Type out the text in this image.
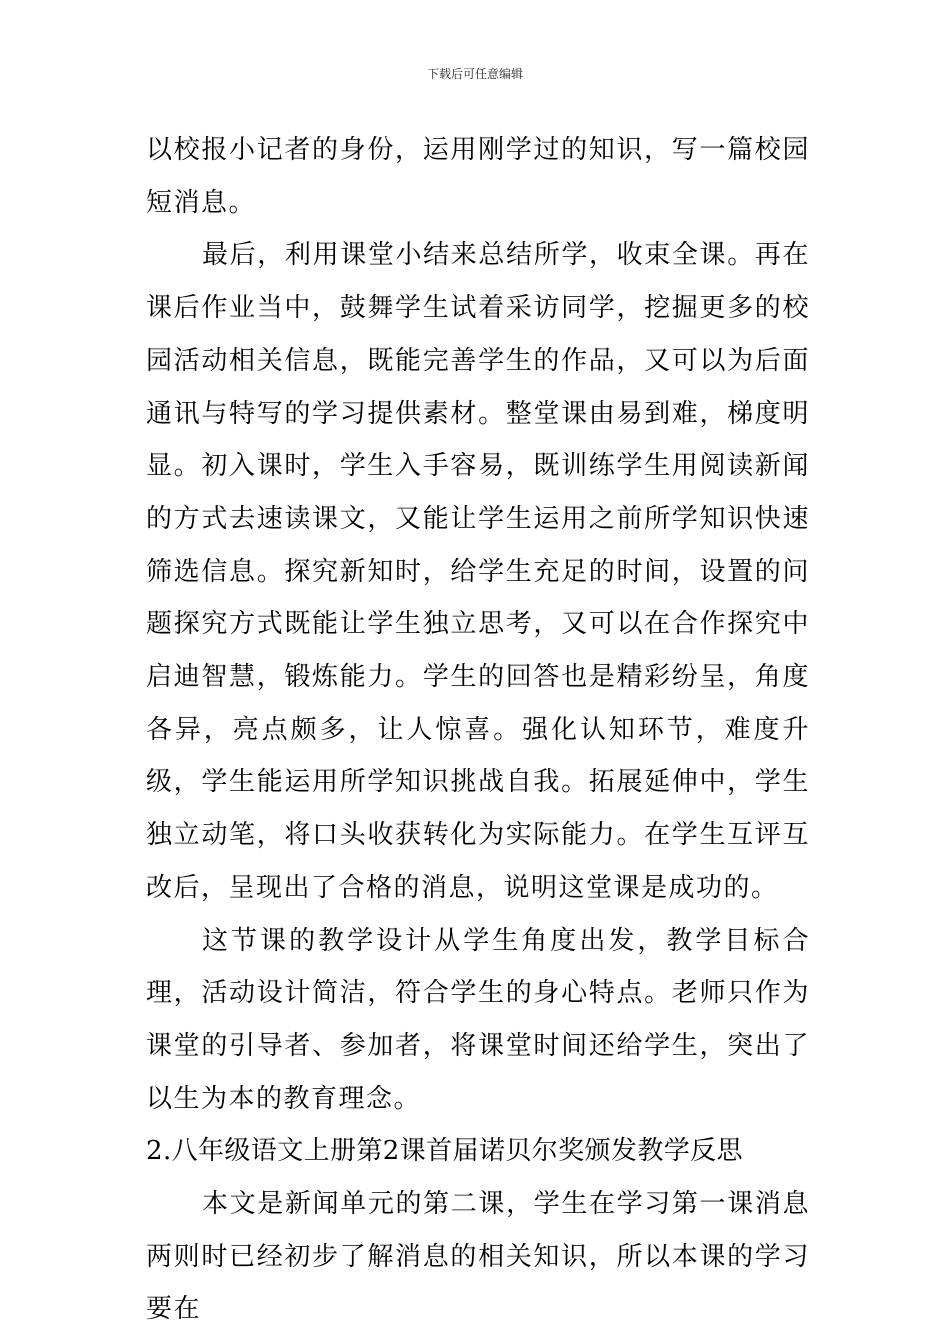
下载后可任意编辑

以校报小记者的身份，运用刚学过的知识，写一篇校园短消息。

最后，利用课堂小结来总结所学，收束全课。再在课后作业当中，鼓舞学生试着采访同学，挖掘更多的校园活动相关信息，既能完善学生的作品，又可以为后面通讯与特写的学习提供素材。整堂课由易到难，梯度明显。初入课时，学生入手容易，既训练学生用阅读新闻的方式去速读课文，又能让学生运用之前所学知识快速筛选信息。探究新知时，给学生充足的时间，设置的问题探究方式既能让学生独立思考，又可以在合作探究中启迪智慧，锻炼能力。学生的回答也是精彩纷呈，角度各异，亮点颇多，让人惊喜。强化认知环节，难度升级，学生能运用所学知识挑战自我。拓展延伸中，学生独立动笔，将口头收获转化为实际能力。在学生互评互改后，呈现出了合格的消息，说明这堂课是成功的。

这节课的教学设计从学生角度出发，教学目标合理，活动设计简洁，符合学生的身心特点。老师只作为课堂的引导者、参加者，将课堂时间还给学生，突出了以生为本的教育理念。

2.八年级语文上册第2课首届诺贝尔奖颁发教学反思

本文是新闻单元的第二课，学生在学习第一课消息两则时已经初步了解消息的相关知识，所以本课的学习要在
